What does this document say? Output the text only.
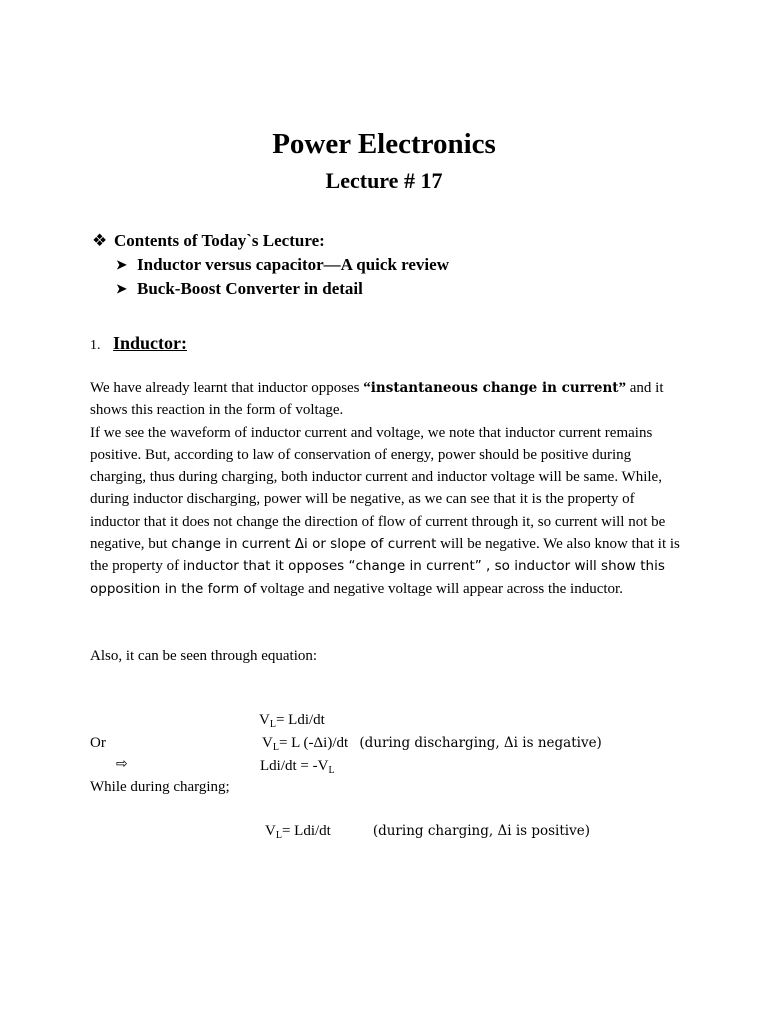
Power Electronics
Lecture # 17
❖ Contents of Today`s Lecture:
➤ Inductor versus capacitor—A quick review
➤ Buck-Boost Converter in detail
1. Inductor:
We have already learnt that inductor opposes “instantaneous change in current” and it shows this reaction in the form of voltage.
If we see the waveform of inductor current and voltage, we note that inductor current remains positive. But, according to law of conservation of energy, power should be positive during charging, thus during charging, both inductor current and inductor voltage will be same. While, during inductor discharging, power will be negative, as we can see that it is the property of inductor that it does not change the direction of flow of current through it, so current will not be negative, but change in current Δi or slope of current will be negative. We also know that it is the property of inductor that it opposes “change in current” , so inductor will show this opposition in the form of voltage and negative voltage will appear across the inductor.
Also, it can be seen through equation:
$V_L= Ldi/dt$
Or	$V_L= L$ (-Δi)/dt (during discharging, Δi is negative)
⇨	$Ldi/dt = -V_L$
While during charging;
$V_L= Ldi/dt$	(during charging, Δi is positive)
